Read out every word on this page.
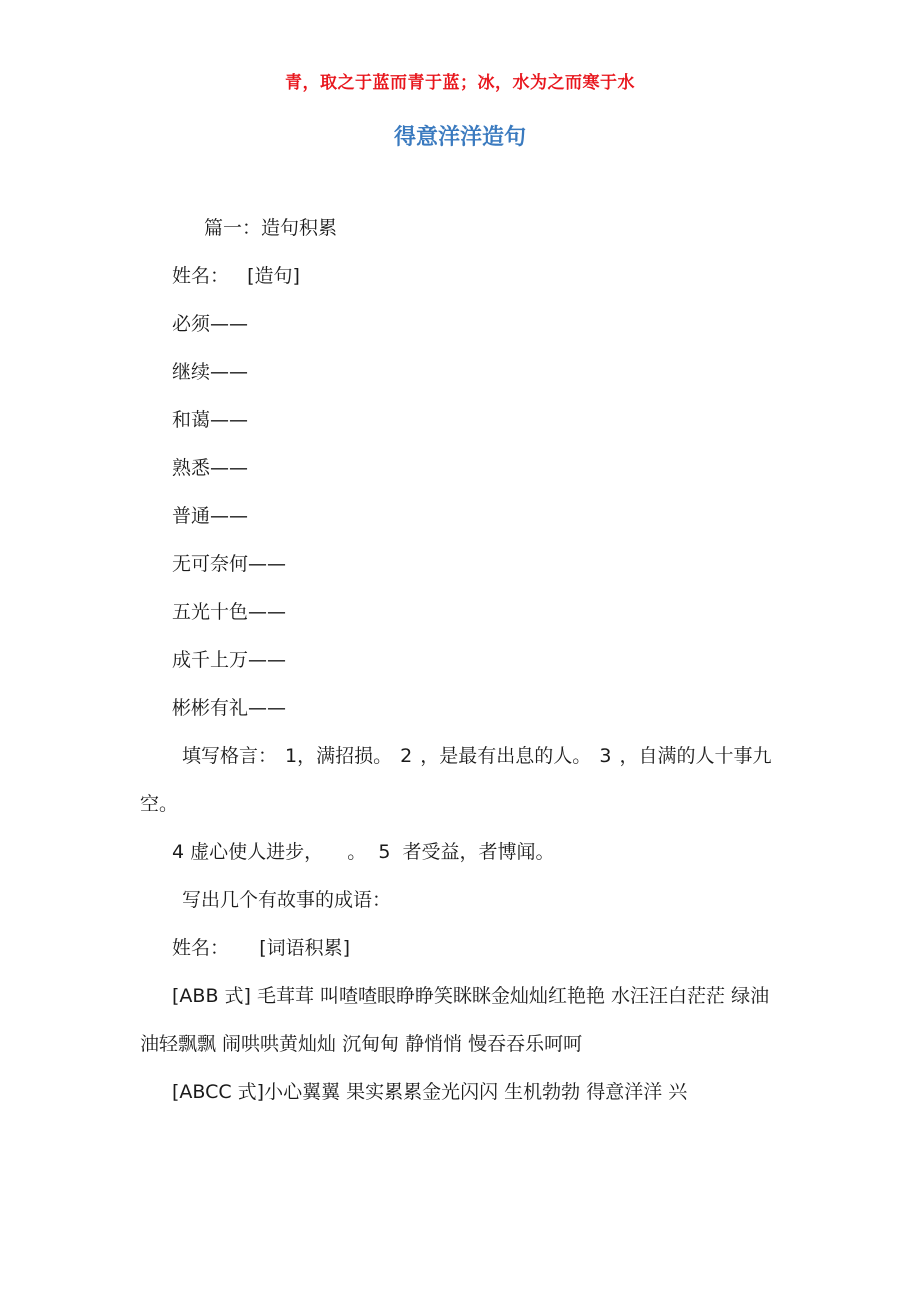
青，取之于蓝而青于蓝；冰，水为之而寒于水
得意洋洋造句
篇一：造句积累
姓名：   [造句]
必须——
继续——
和蔼——
熟悉——
普通——
无可奈何——
五光十色——
成千上万——
彬彬有礼——
填写格言： 1，满招损。 2 ，是最有出息的人。 3 ，自满的人十事九空。
4 虚心使人进步，    。  5  者受益，者博闻。
写出几个有故事的成语：
姓名：     [词语积累]
[ABB 式] 毛茸茸 叫喳喳眼睁睁笑眯眯金灿灿红艳艳 水汪汪白茫茫 绿油油轻飘飘 闹哄哄黄灿灿 沉甸甸 静悄悄 慢吞吞乐呵呵
[ABCC 式]小心翼翼 果实累累金光闪闪 生机勃勃 得意洋洋 兴
